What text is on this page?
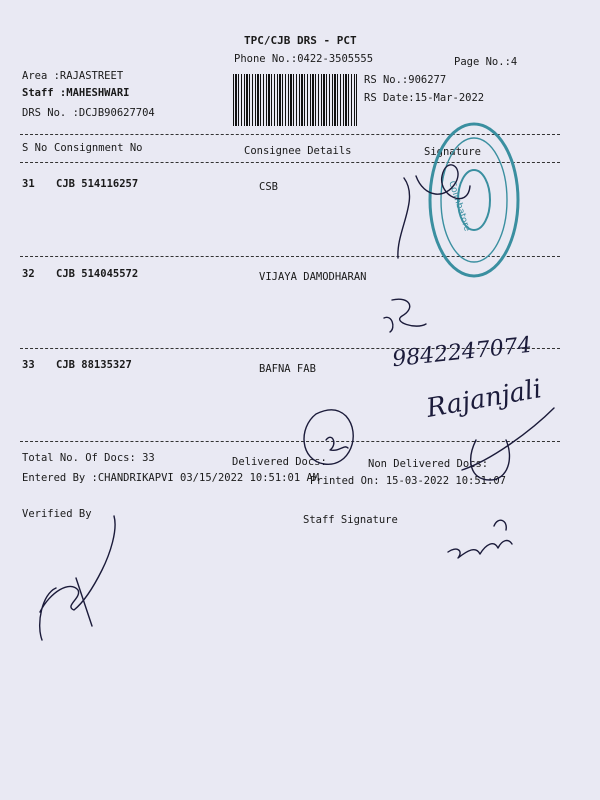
TPC/CJB DRS - PCT
Phone No.:0422-3505555	Page No.:4
Area :RAJASTREET
Staff :MAHESHWARI
DRS No. :DCJB90627704
RS No.:906277
RS Date:15-Mar-2022
S No Consignment No	Consignee Details	Signature
31 CJB 514116257	CSB
32 CJB 514045572	VIJAYA DAMODHARAN
33 CJB 88135327	BAFNA FAB
Total No. Of Docs: 33	Delivered Docs:	Non Delivered Docs:
Entered By :CHANDRIKAPVI 03/15/2022 10:51:01 AM
Printed On: 15-03-2022 10:51:07
Verified By	Staff Signature
9842247074
Rajanjali
Coimbatore
